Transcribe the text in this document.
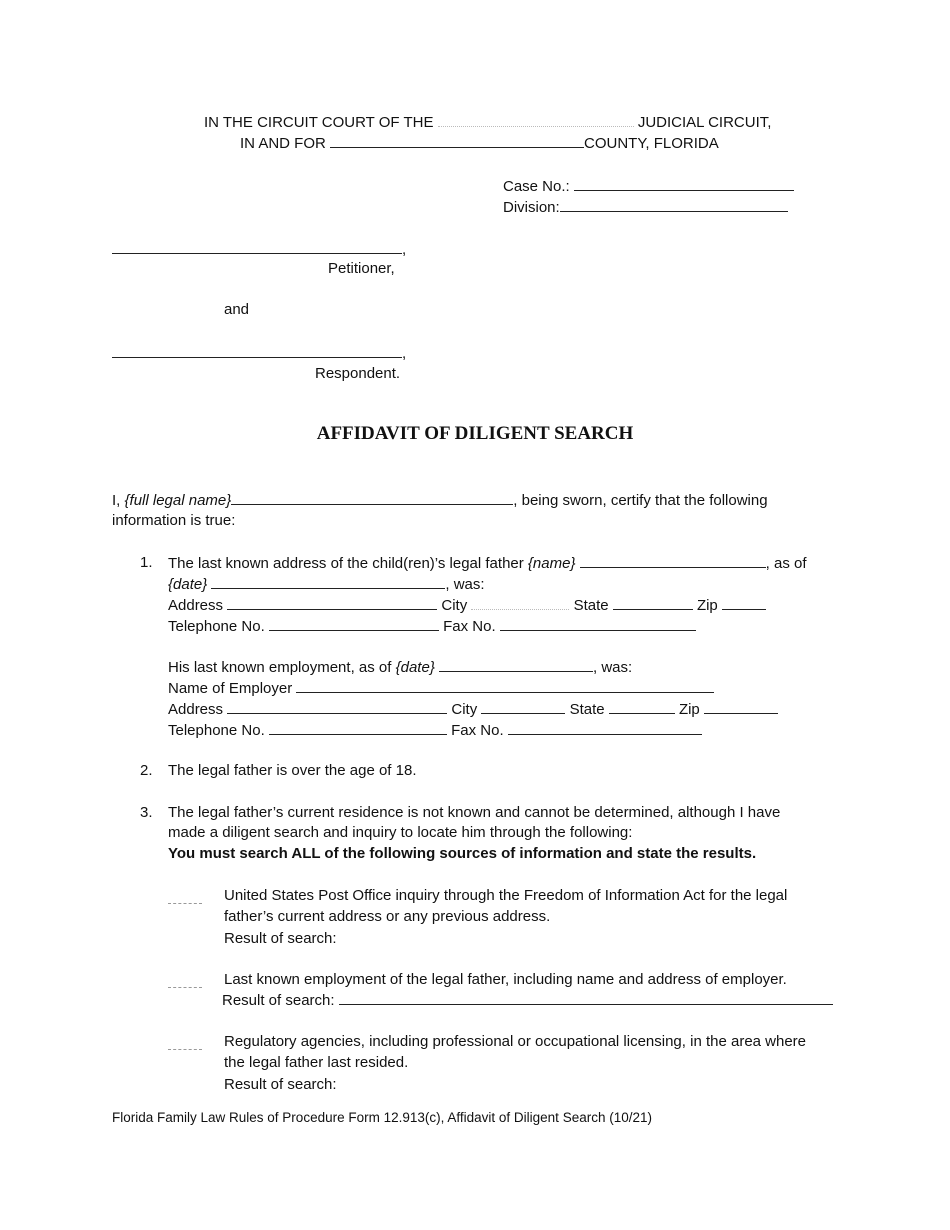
IN THE CIRCUIT COURT OF THE	JUDICIAL CIRCUIT,
IN AND FOR	COUNTY, FLORIDA
Case No.:
Division:
,
Petitioner,
and
,
Respondent.
AFFIDAVIT OF DILIGENT SEARCH
I, {full legal name}	, being sworn, certify that the following
information is true:
1. The last known address of the child(ren)’s legal father {name}	, as of
{date}	, was:
Address	City	State	Zip
Telephone No.	Fax No.
His last known employment, as of {date}	, was:
Name of Employer
Address	City	State	Zip
Telephone No.	Fax No.
2. The legal father is over the age of 18.
3. The legal father’s current residence is not known and cannot be determined, although I have
made a diligent search and inquiry to locate him through the following:
You must search ALL of the following sources of information and state the results.
United States Post Office inquiry through the Freedom of Information Act for the legal
father’s current address or any previous address.
Result of search:
Last known employment of the legal father, including name and address of employer.
Result of search:
Regulatory agencies, including professional or occupational licensing, in the area where
the legal father last resided.
Result of search:
Florida Family Law Rules of Procedure Form 12.913(c), Affidavit of Diligent Search (10/21)
